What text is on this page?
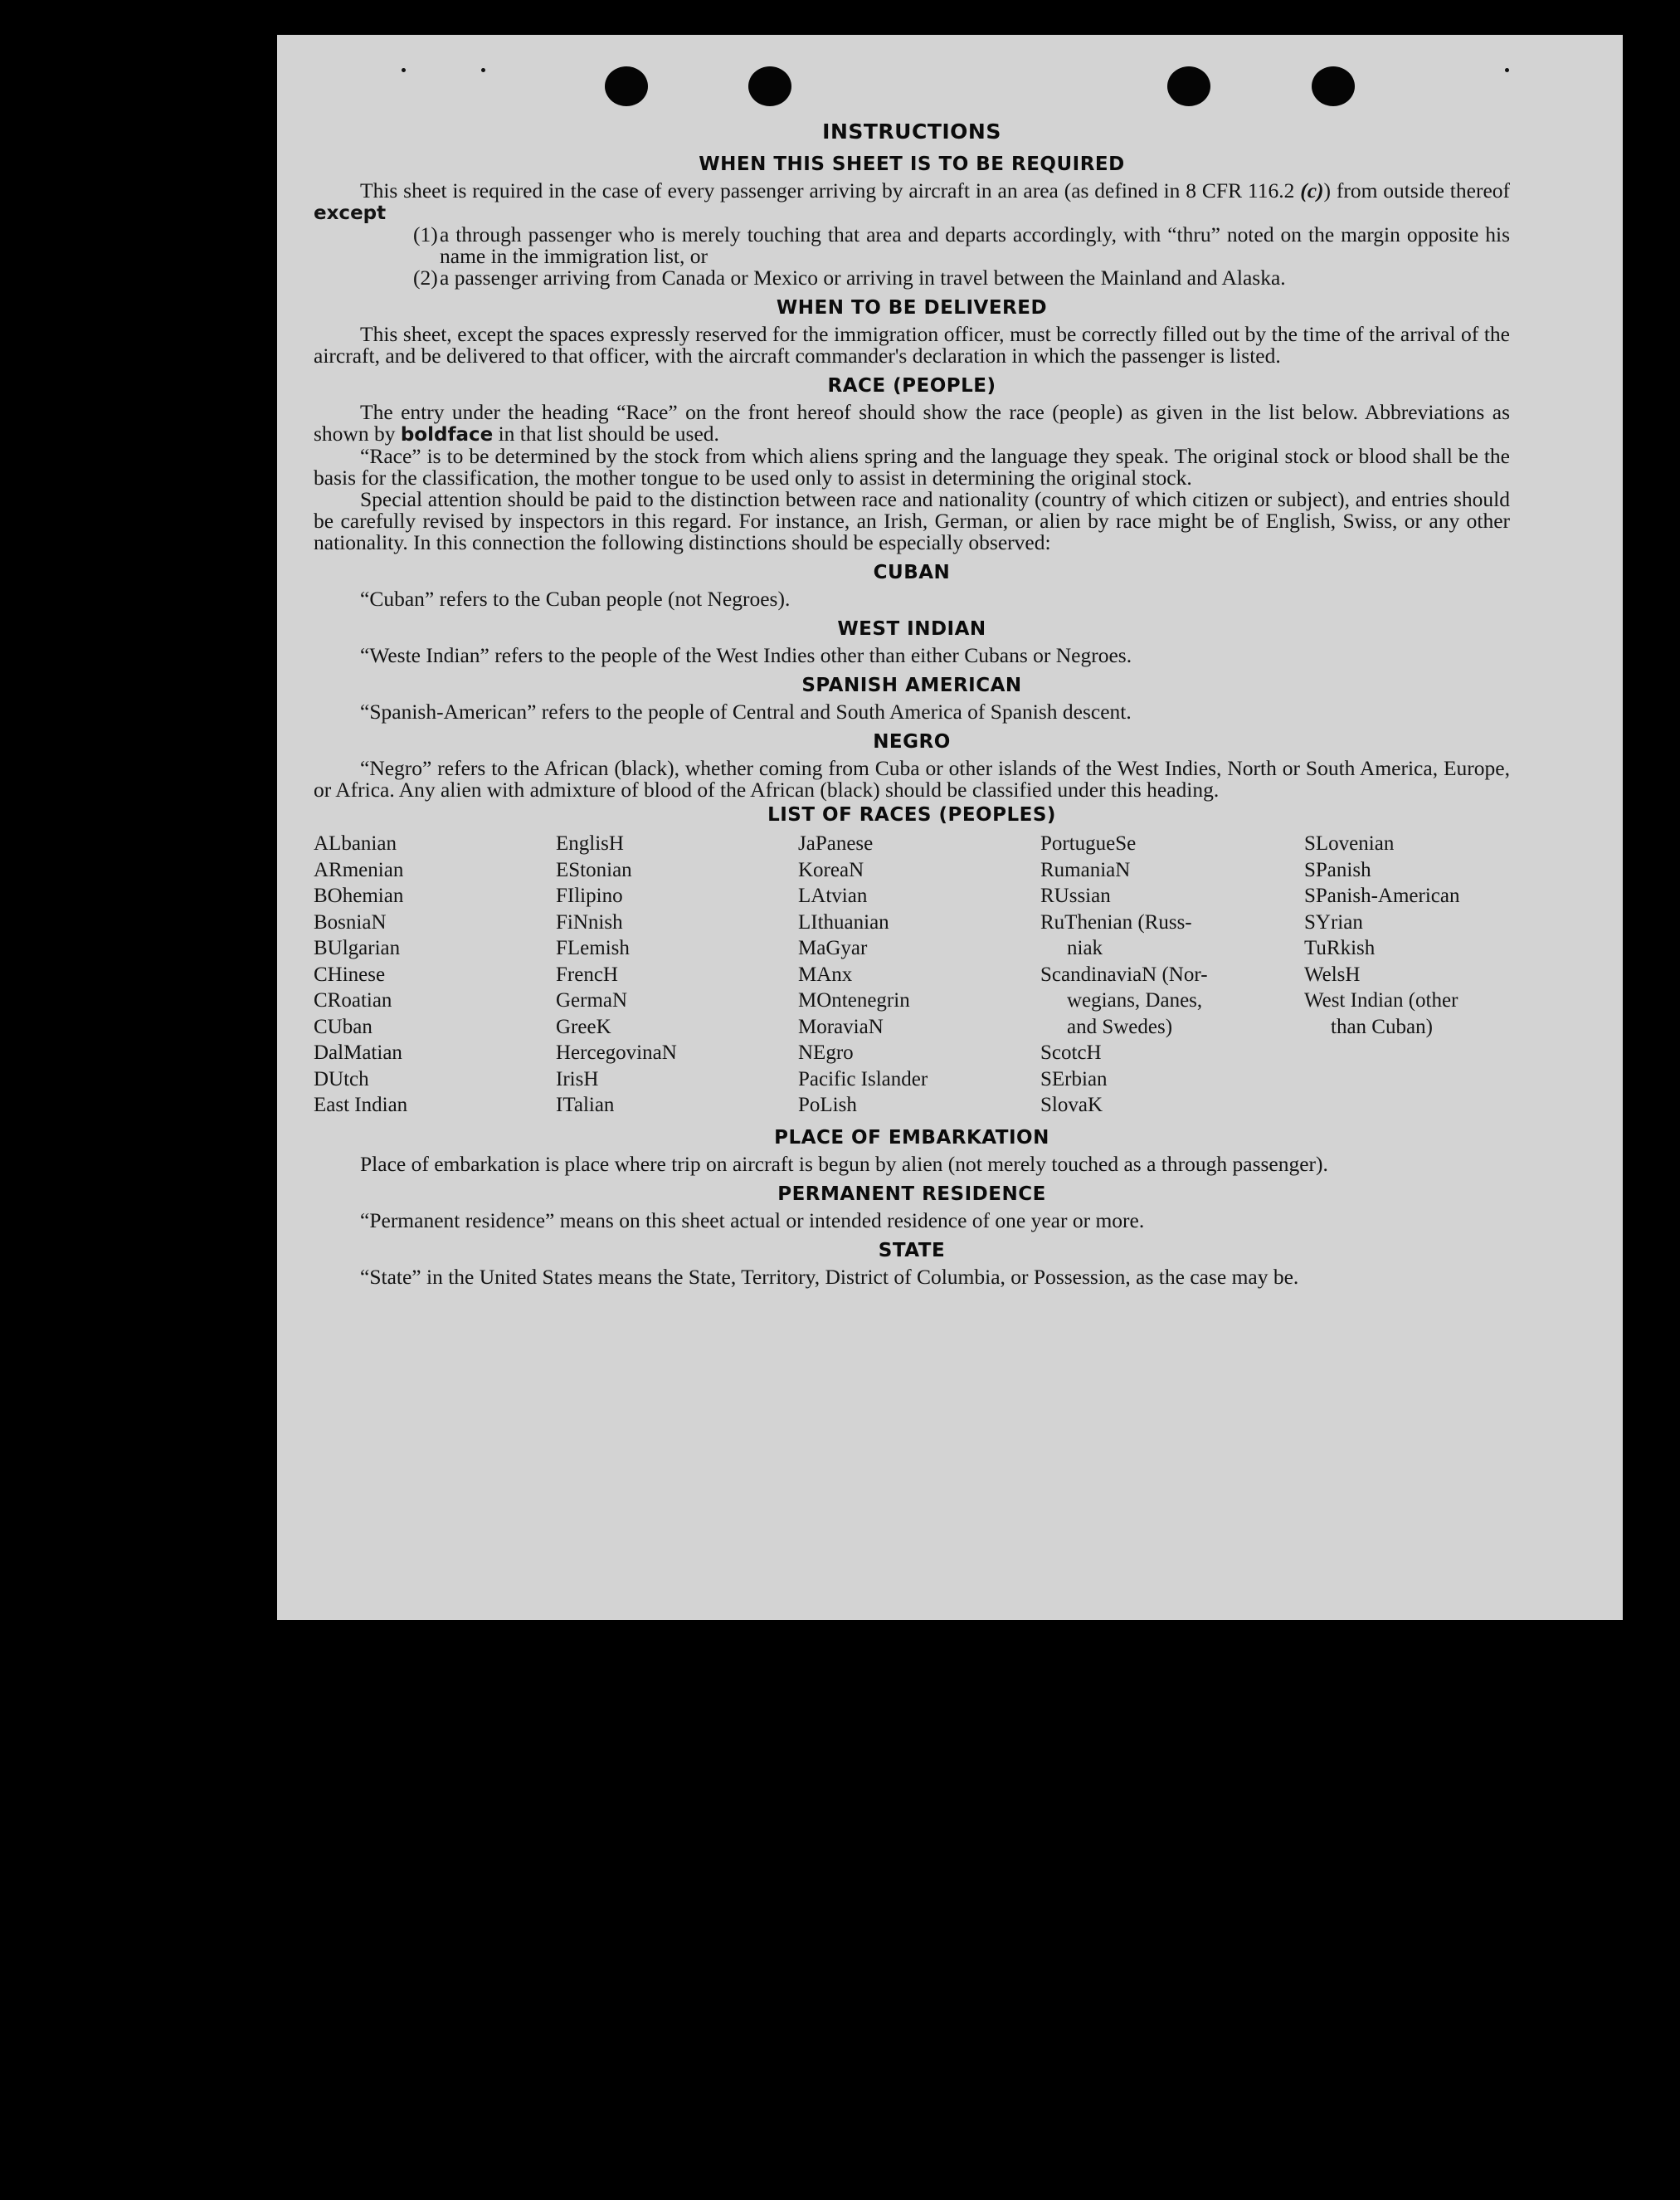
INSTRUCTIONS
WHEN THIS SHEET IS TO BE REQUIRED

This sheet is required in the case of every passenger arriving by aircraft in an area (as defined in 8 CFR 116.2 (c)) from outside thereof except

(1) a through passenger who is merely touching that area and departs accordingly, with “thru” noted on the margin opposite his name in the immigration list, or
(2) a passenger arriving from Canada or Mexico or arriving in travel between the Mainland and Alaska.
WHEN TO BE DELIVERED

This sheet, except the spaces expressly reserved for the immigration officer, must be correctly filled out by the time of the arrival of the aircraft, and be delivered to that officer, with the aircraft commander's declaration in which the passenger is listed.

RACE (PEOPLE)

The entry under the heading “Race” on the front hereof should show the race (people) as given in the list below. Abbreviations as shown by boldface in that list should be used.

“Race” is to be determined by the stock from which aliens spring and the language they speak. The original stock or blood shall be the basis for the classification, the mother tongue to be used only to assist in determining the original stock.

Special attention should be paid to the distinction between race and nationality (country of which citizen or subject), and entries should be carefully revised by inspectors in this regard. For instance, an Irish, German, or alien by race might be of English, Swiss, or any other nationality. In this connection the following distinctions should be especially observed:

CUBAN

“Cuban” refers to the Cuban people (not Negroes).

WEST INDIAN

“Weste Indian” refers to the people of the West Indies other than either Cubans or Negroes.

SPANISH AMERICAN

“Spanish-American” refers to the people of Central and South America of Spanish descent.

NEGRO

“Negro” refers to the African (black), whether coming from Cuba or other islands of the West Indies, North or South America, Europe, or Africa. Any alien with admixture of blood of the African (black) should be classified under this heading.

LIST OF RACES (PEOPLES)
ALbanian
ARmenian
BOhemian
BosniaN
BUlgarian
CHinese
CRoatian
CUban
DalMatian
DUtch
East Indian
EnglisH
EStonian
FIlipino
FiNnish
FLemish
FrencH
GermaN
GreeK
HercegovinaN
IrisH
ITalian
JaPanese
KoreaN
LAtvian
LIthuanian
MaGyar
MAnx
MOntenegrin
MoraviaN
NEgro
Pacific Islander
PoLish
PortugueSe
RumaniaN
RUssian
RuThenian (Russ-
niak
ScandinaviaN (Nor-
wegians, Danes,
and Swedes)
ScotcH
SErbian
SlovaK
SLovenian
SPanish
SPanish-American
SYrian
TuRkish
WelsH
West Indian (other
than Cuban)
PLACE OF EMBARKATION

Place of embarkation is place where trip on aircraft is begun by alien (not merely touched as a through passenger).

PERMANENT RESIDENCE

“Permanent residence” means on this sheet actual or intended residence of one year or more.

STATE

“State” in the United States means the State, Territory, District of Columbia, or Possession, as the case may be.
